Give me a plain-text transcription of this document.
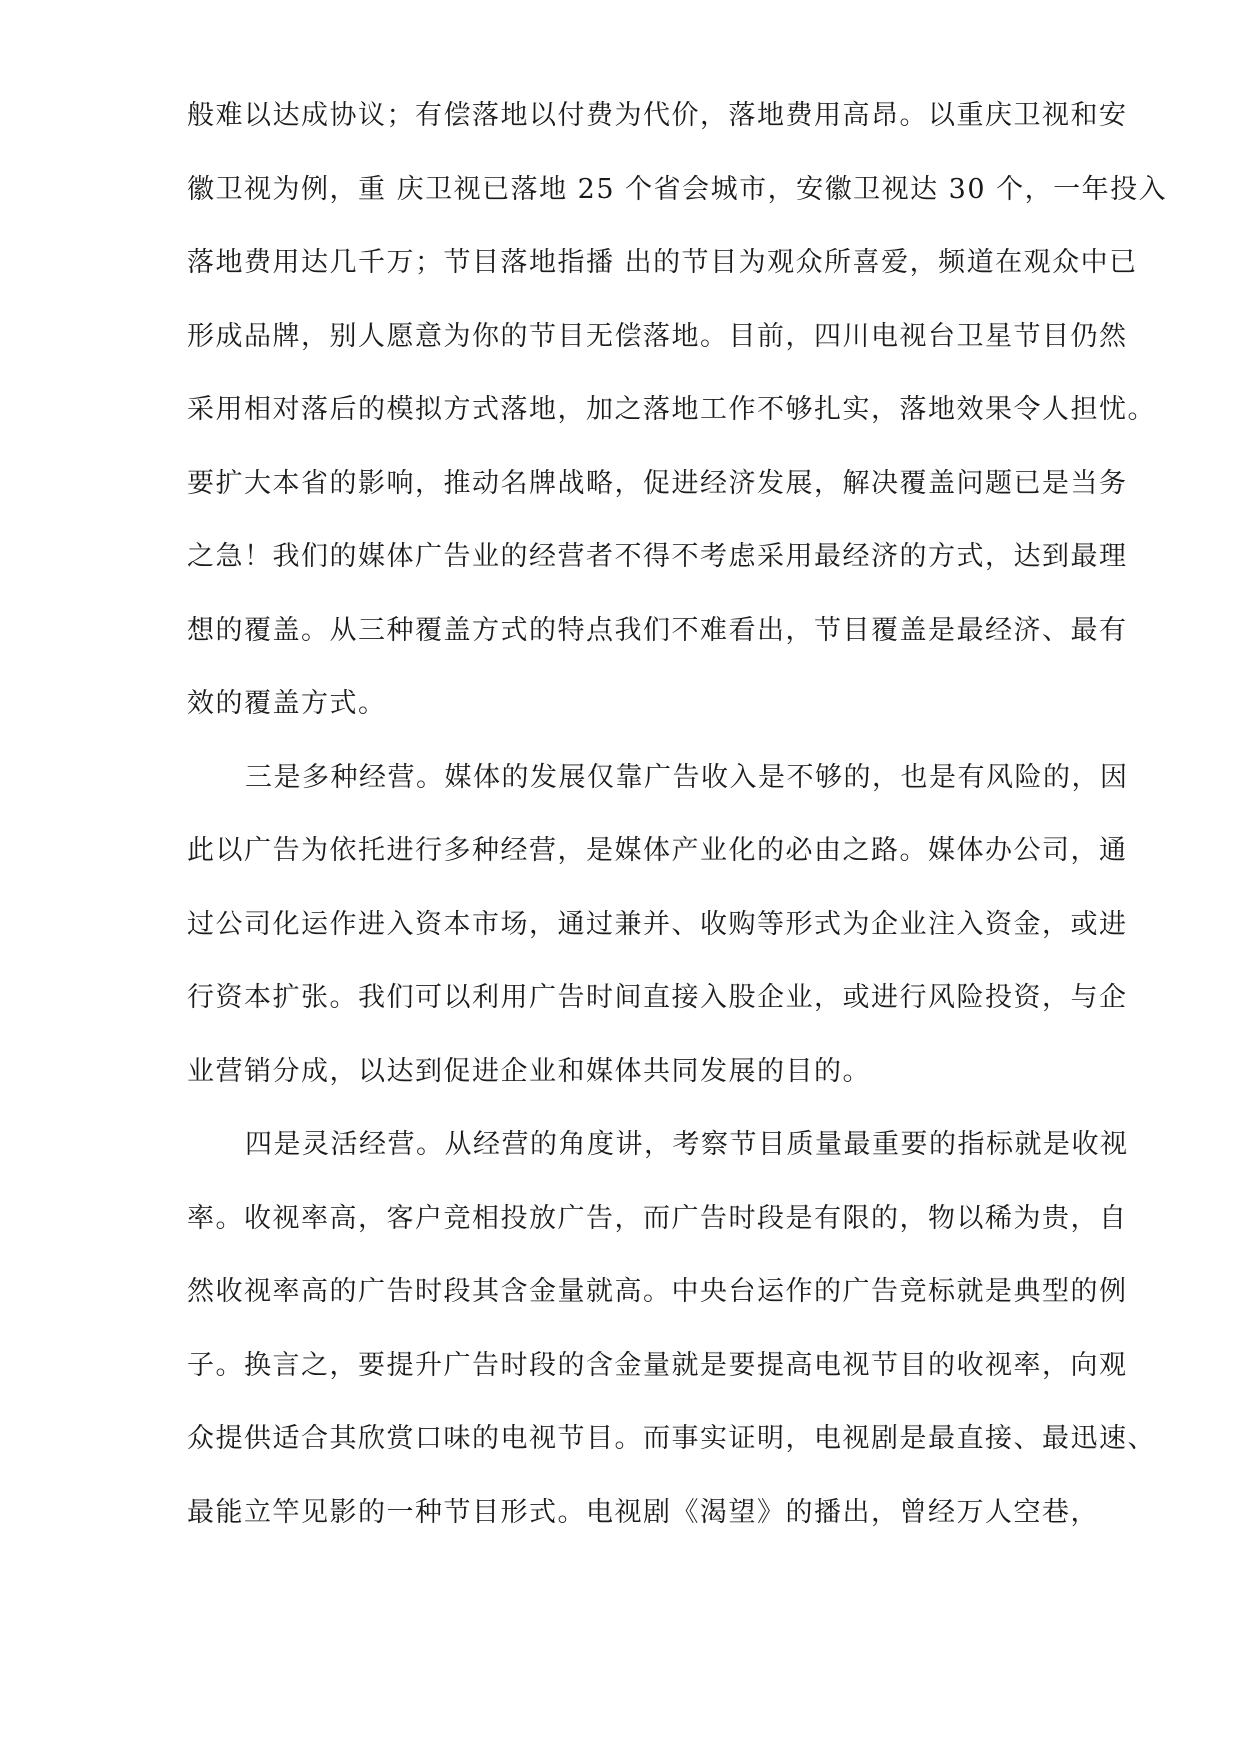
般难以达成协议；有偿落地以付费为代价，落地费用高昂。以重庆卫视和安
徽卫视为例，重 庆卫视已落地 25 个省会城市，安徽卫视达 30 个，一年投入
落地费用达几千万；节目落地指播 出的节目为观众所喜爱，频道在观众中已
形成品牌，别人愿意为你的节目无偿落地。目前，四川电视台卫星节目仍然
采用相对落后的模拟方式落地，加之落地工作不够扎实，落地效果令人担忧。
要扩大本省的影响，推动名牌战略，促进经济发展，解决覆盖问题已是当务
之急！我们的媒体广告业的经营者不得不考虑采用最经济的方式，达到最理
想的覆盖。从三种覆盖方式的特点我们不难看出，节目覆盖是最经济、最有
效的覆盖方式。
三是多种经营。媒体的发展仅靠广告收入是不够的，也是有风险的，因
此以广告为依托进行多种经营，是媒体产业化的必由之路。媒体办公司，通
过公司化运作进入资本市场，通过兼并、收购等形式为企业注入资金，或进
行资本扩张。我们可以利用广告时间直接入股企业，或进行风险投资，与企
业营销分成，以达到促进企业和媒体共同发展的目的。
四是灵活经营。从经营的角度讲，考察节目质量最重要的指标就是收视
率。收视率高，客户竞相投放广告，而广告时段是有限的，物以稀为贵，自
然收视率高的广告时段其含金量就高。中央台运作的广告竞标就是典型的例
子。换言之，要提升广告时段的含金量就是要提高电视节目的收视率，向观
众提供适合其欣赏口味的电视节目。而事实证明，电视剧是最直接、最迅速、
最能立竿见影的一种节目形式。电视剧《渴望》的播出，曾经万人空巷，
